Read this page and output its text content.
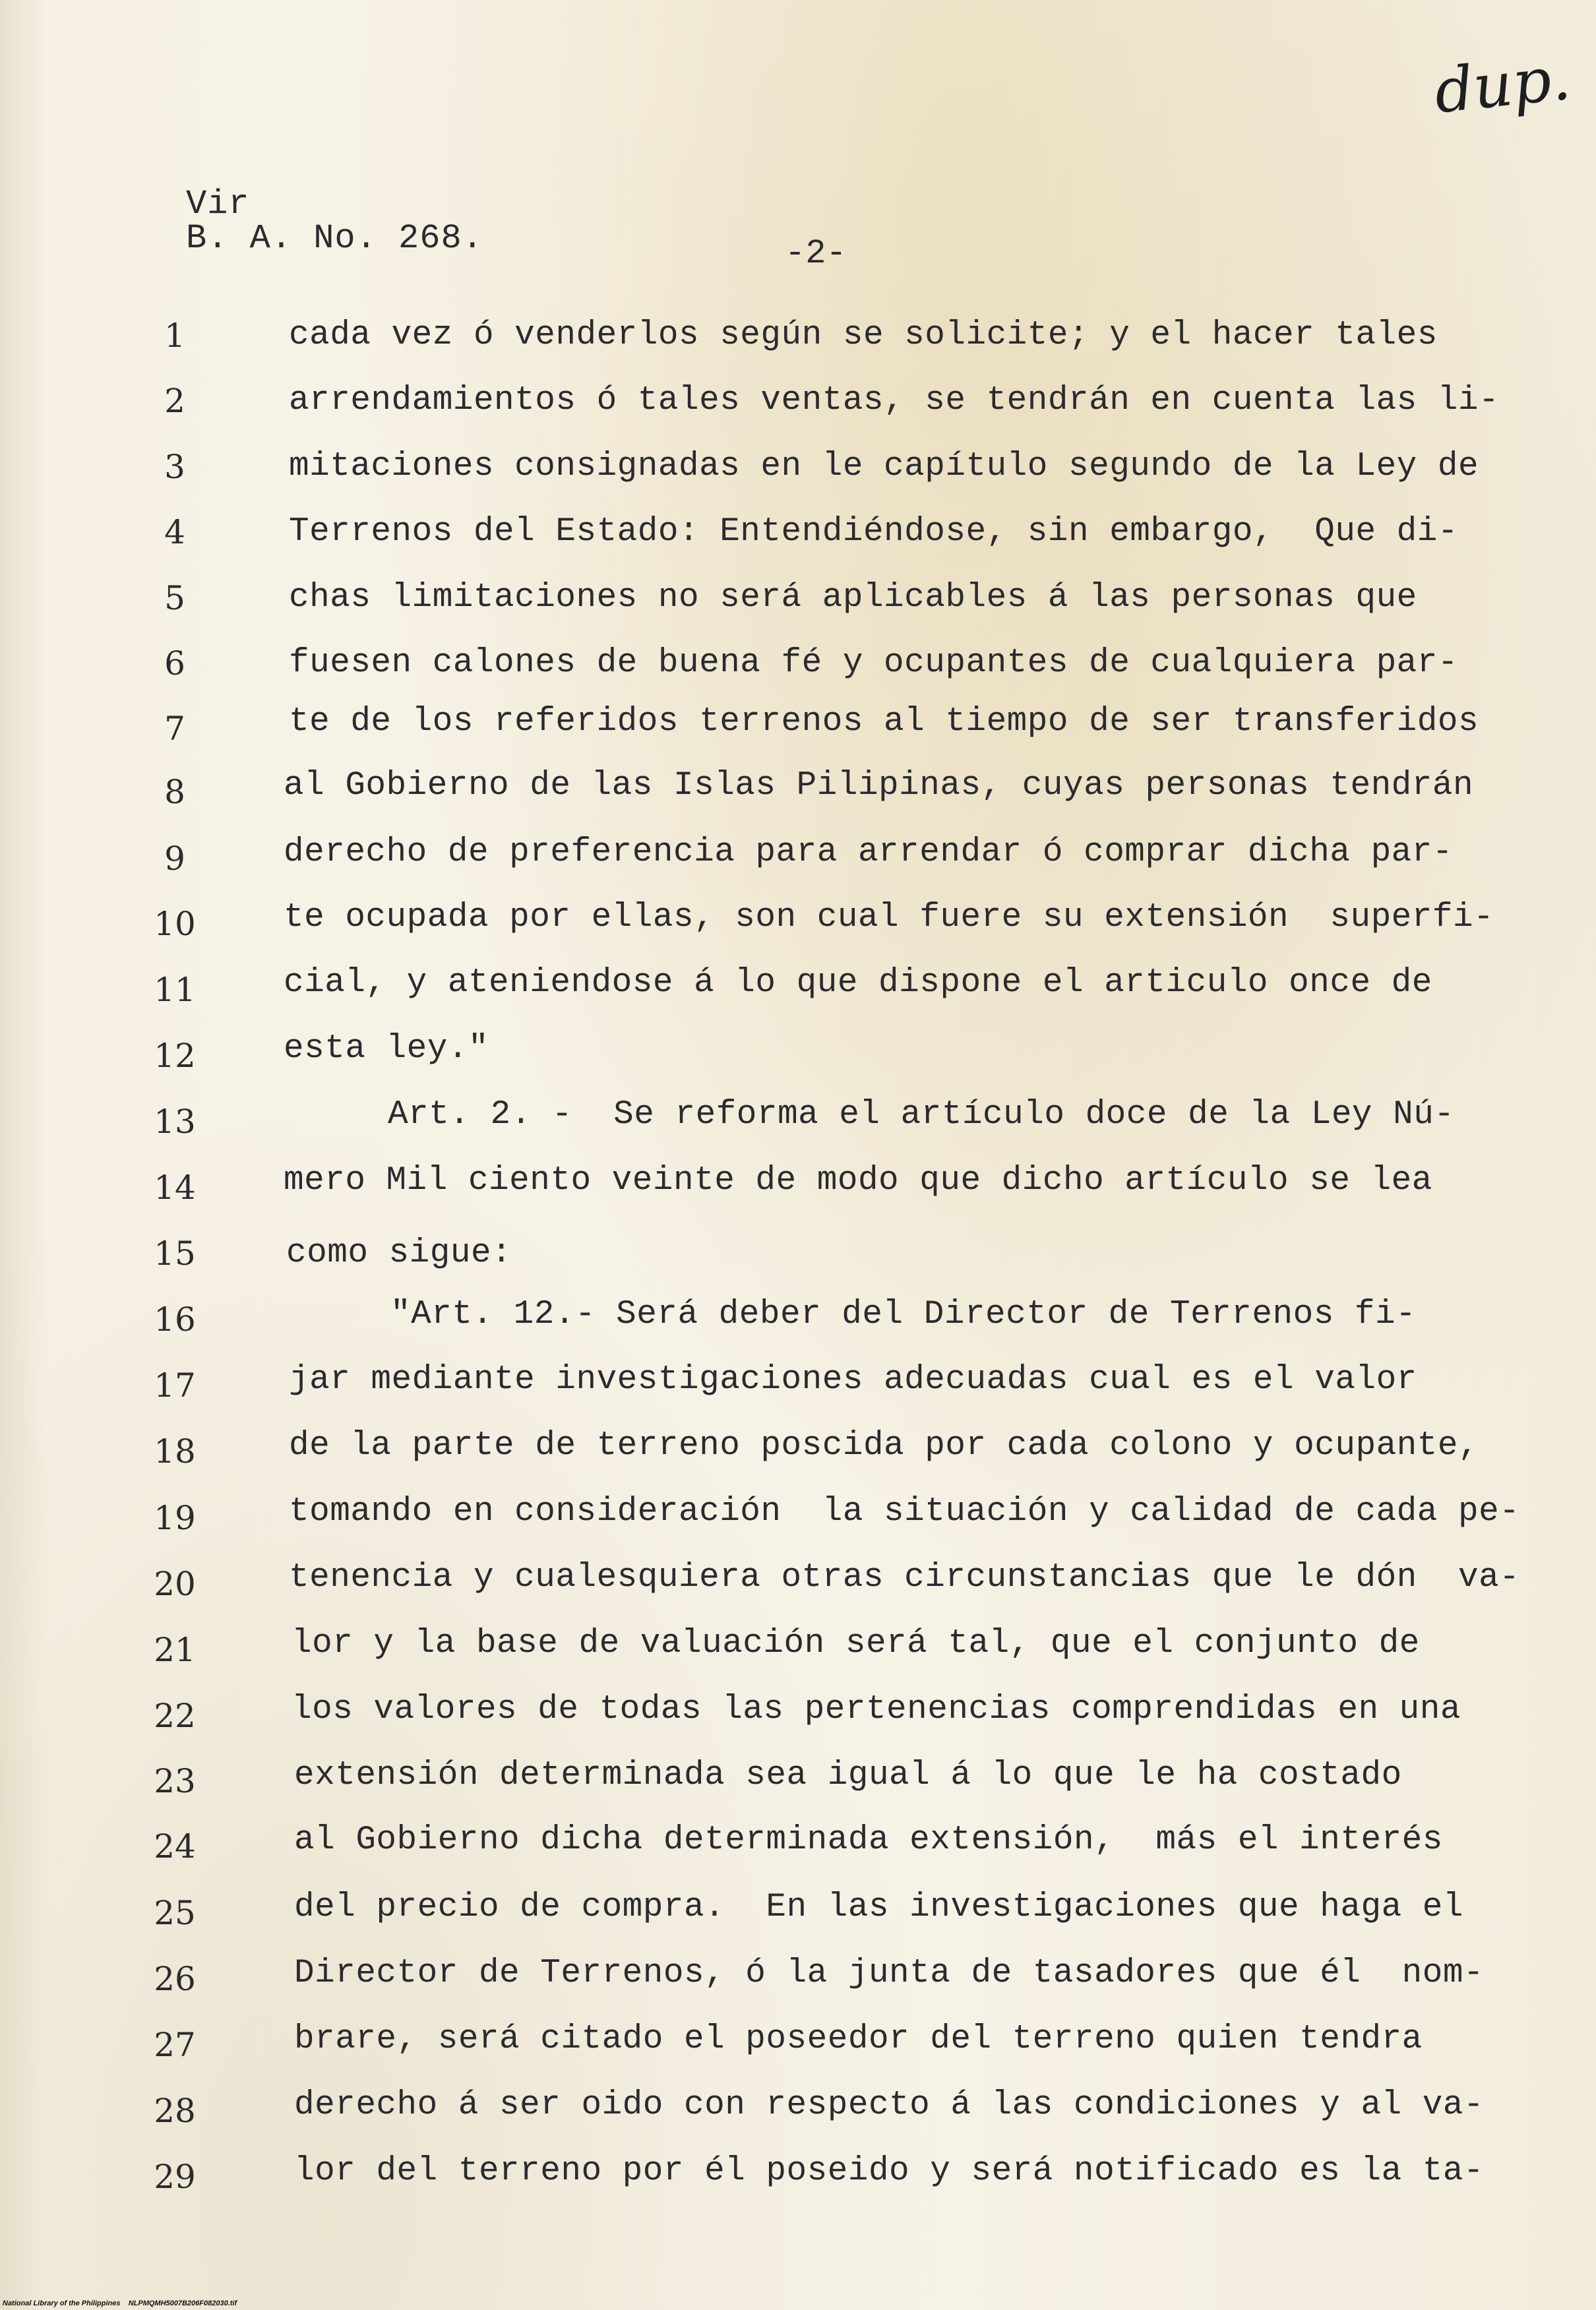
dup.
Vir
B. A. No. 268.	-2-
1	cada vez ó venderlos según se solicite; y el hacer tales
2	arrendamientos ó tales ventas, se tendrán en cuenta las li-
3	mitaciones consignadas en le capítulo segundo de la Ley de
4	Terrenos del Estado: Entendiéndose, sin embargo,  Que di-
5	chas limitaciones no será aplicables á las personas que
6	fuesen calones de buena fé y ocupantes de cualquiera par-
7	te de los referidos terrenos al tiempo de ser transferidos
8	al Gobierno de las Islas Pilipinas, cuyas personas tendrán
9	derecho de preferencia para arrendar ó comprar dicha par-
10	te ocupada por ellas, son cual fuere su extensión  superfi-
11	cial, y ateniendose á lo que dispone el articulo once de
12	esta ley."
13	Art. 2. -  Se reforma el artículo doce de la Ley Nú-
14	mero Mil ciento veinte de modo que dicho artículo se lea
15	como sigue:
16	"Art. 12.- Será deber del Director de Terrenos fi-
17	jar mediante investigaciones adecuadas cual es el valor
18	de la parte de terreno poscida por cada colono y ocupante,
19	tomando en consideración  la situación y calidad de cada pe-
20	tenencia y cualesquiera otras circunstancias que le dón  va-
21	lor y la base de valuación será tal, que el conjunto de
22	los valores de todas las pertenencias comprendidas en una
23	extensión determinada sea igual á lo que le ha costado
24	al Gobierno dicha determinada extensión,  más el interés
25	del precio de compra.  En las investigaciones que haga el
26	Director de Terrenos, ó la junta de tasadores que él  nom-
27	brare, será citado el poseedor del terreno quien tendra
28	derecho á ser oido con respecto á las condiciones y al va-
29	lor del terreno por él poseido y será notificado es la ta-
National Library of the Philippines    NLPMQMH5007B206F082030.tif
